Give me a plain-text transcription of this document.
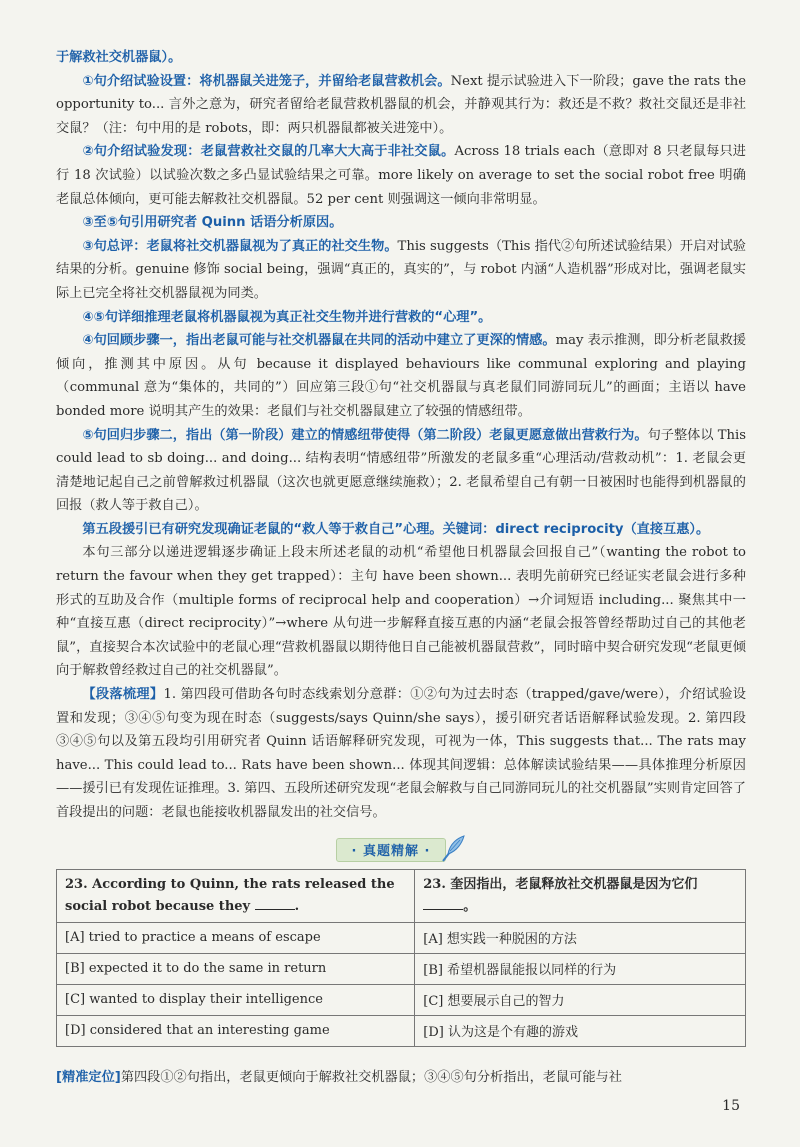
于解救社交机器鼠）。

①句介绍试验设置：将机器鼠关进笼子，并留给老鼠营救机会。Next 提示试验进入下一阶段；gave the rats the opportunity to... 言外之意为，研究者留给老鼠营救机器鼠的机会，并静观其行为：救还是不救？救社交鼠还是非社交鼠？（注：句中用的是 robots，即：两只机器鼠都被关进笼中）。

②句介绍试验发现：老鼠营救社交鼠的几率大大高于非社交鼠。Across 18 trials each（意即对 8 只老鼠每只进行 18 次试验）以试验次数之多凸显试验结果之可靠。more likely on average to set the social robot free 明确老鼠总体倾向，更可能去解救社交机器鼠。52 per cent 则强调这一倾向非常明显。

③至⑤句引用研究者 Quinn 话语分析原因。

③句总评：老鼠将社交机器鼠视为了真正的社交生物。This suggests（This 指代②句所述试验结果）开启对试验结果的分析。genuine 修饰 social being，强调“真正的，真实的”，与 robot 内涵“人造机器”形成对比，强调老鼠实际上已完全将社交机器鼠视为同类。

④⑤句详细推理老鼠将机器鼠视为真正社交生物并进行营救的“心理”。

④句回顾步骤一，指出老鼠可能与社交机器鼠在共同的活动中建立了更深的情感。may 表示推测，即分析老鼠救援倾向，推测其中原因。从句 because it displayed behaviours like communal exploring and playing（communal 意为“集体的，共同的”）回应第三段①句“社交机器鼠与真老鼠们同游同玩儿”的画面；主语以 have bonded more 说明其产生的效果：老鼠们与社交机器鼠建立了较强的情感纽带。

⑤句回归步骤二，指出（第一阶段）建立的情感纽带使得（第二阶段）老鼠更愿意做出营救行为。句子整体以 This could lead to sb doing... and doing... 结构表明“情感纽带”所激发的老鼠多重“心理活动/营救动机”：1. 老鼠会更清楚地记起自己之前曾解救过机器鼠（这次也就更愿意继续施救）；2. 老鼠希望自己有朝一日被困时也能得到机器鼠的回报（救人等于救自己）。

第五段援引已有研究发现确证老鼠的“救人等于救自己”心理。关键词：direct reciprocity（直接互惠）。

本句三部分以递进逻辑逐步确证上段末所述老鼠的动机“希望他日机器鼠会回报自己”（wanting the robot to return the favour when they get trapped）：主句 have been shown... 表明先前研究已经证实老鼠会进行多种形式的互助及合作（multiple forms of reciprocal help and cooperation）→介词短语 including... 聚焦其中一种“直接互惠（direct reciprocity）”→where 从句进一步解释直接互惠的内涵“老鼠会报答曾经帮助过自己的其他老鼠”，直接契合本次试验中的老鼠心理“营救机器鼠以期待他日自己能被机器鼠营救”，同时暗中契合研究发现“老鼠更倾向于解救曾经救过自己的社交机器鼠”。

【段落梳理】1. 第四段可借助各句时态线索划分意群：①②句为过去时态（trapped/gave/were），介绍试验设置和发现；③④⑤句变为现在时态（suggests/says Quinn/she says），援引研究者话语解释试验发现。2. 第四段③④⑤句以及第五段均引用研究者 Quinn 话语解释研究发现，可视为一体，This suggests that... The rats may have... This could lead to... Rats have been shown... 体现其间逻辑：总体解读试验结果——具体推理分析原因——援引已有发现佐证推理。3. 第四、五段所述研究发现“老鼠会解救与自己同游同玩儿的社交机器鼠”实则肯定回答了首段提出的问题：老鼠也能接收机器鼠发出的社交信号。

· 真题精解 ·
23. According to Quinn, the rats released the social robot because they .	23. 奎因指出，老鼠释放社交机器鼠是因为它们。
[A] tried to practice a means of escape	[A] 想实践一种脱困的方法
[B] expected it to do the same in return	[B] 希望机器鼠能报以同样的行为
[C] wanted to display their intelligence	[C] 想要展示自己的智力
[D] considered that an interesting game	[D] 认为这是个有趣的游戏

[精准定位]第四段①②句指出，老鼠更倾向于解救社交机器鼠；③④⑤句分析指出，老鼠可能与社

15
